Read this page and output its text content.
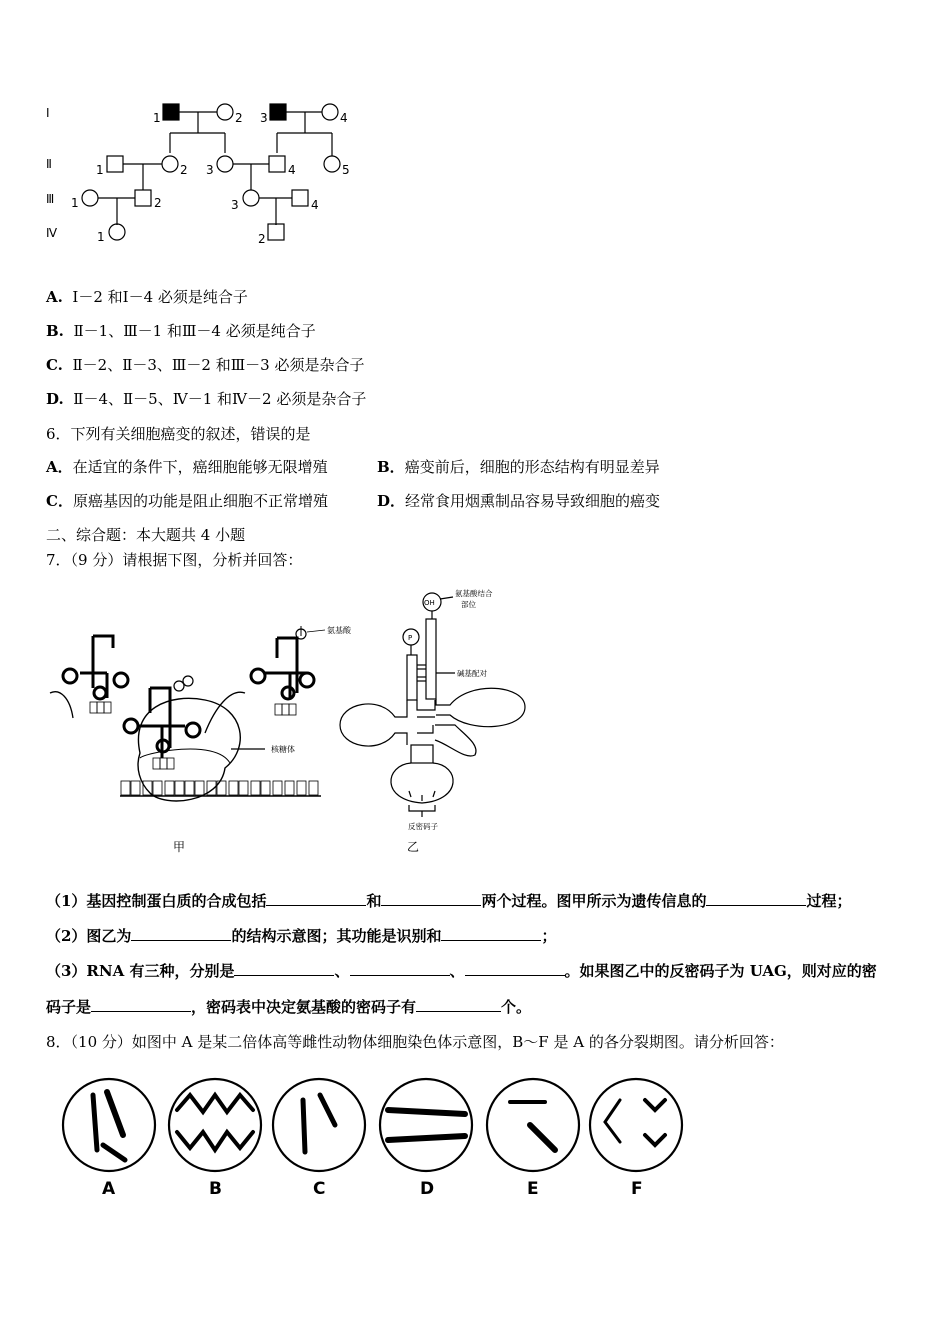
Ⅰ
Ⅱ
Ⅲ
Ⅳ
1	2 3	4
1	2 3	4	5
1	2	3	4
1	2
A. Ⅰ－2 和Ⅰ－4 必须是纯合子
B. Ⅱ－1、Ⅲ－1 和Ⅲ－4 必须是纯合子
C. Ⅱ－2、Ⅱ－3、Ⅲ－2 和Ⅲ－3 必须是杂合子
D. Ⅱ－4、Ⅱ－5、Ⅳ－1 和Ⅳ－2 必须是杂合子
6．下列有关细胞癌变的叙述，错误的是
A．在适宜的条件下，癌细胞能够无限增殖	B．癌变前后，细胞的形态结构有明显差异
C．原癌基因的功能是阻止细胞不正常增殖	D．经常食用烟熏制品容易导致细胞的癌变
二、综合题：本大题共 4 小题
7．（9 分）请根据下图，分析并回答：
氨基酸
核糖体
甲
OH
P
氨基酸结合
部位
碱基配对
反密码子
乙
（1）基因控制蛋白质的合成包括	和	两个过程。图甲所示为遗传信息的	过程；
（2）图乙为	的结构示意图；其功能是识别和	；
（3）RNA 有三种，分别是	、	、	。如果图乙中的反密码子为 UAG，则对应的密
码子是	，密码表中决定氨基酸的密码子有	个。
8．（10 分）如图中 A 是某二倍体高等雌性动物体细胞染色体示意图，B～F 是 A 的各分裂期图。请分析回答：
A	B	C	D	E	F
